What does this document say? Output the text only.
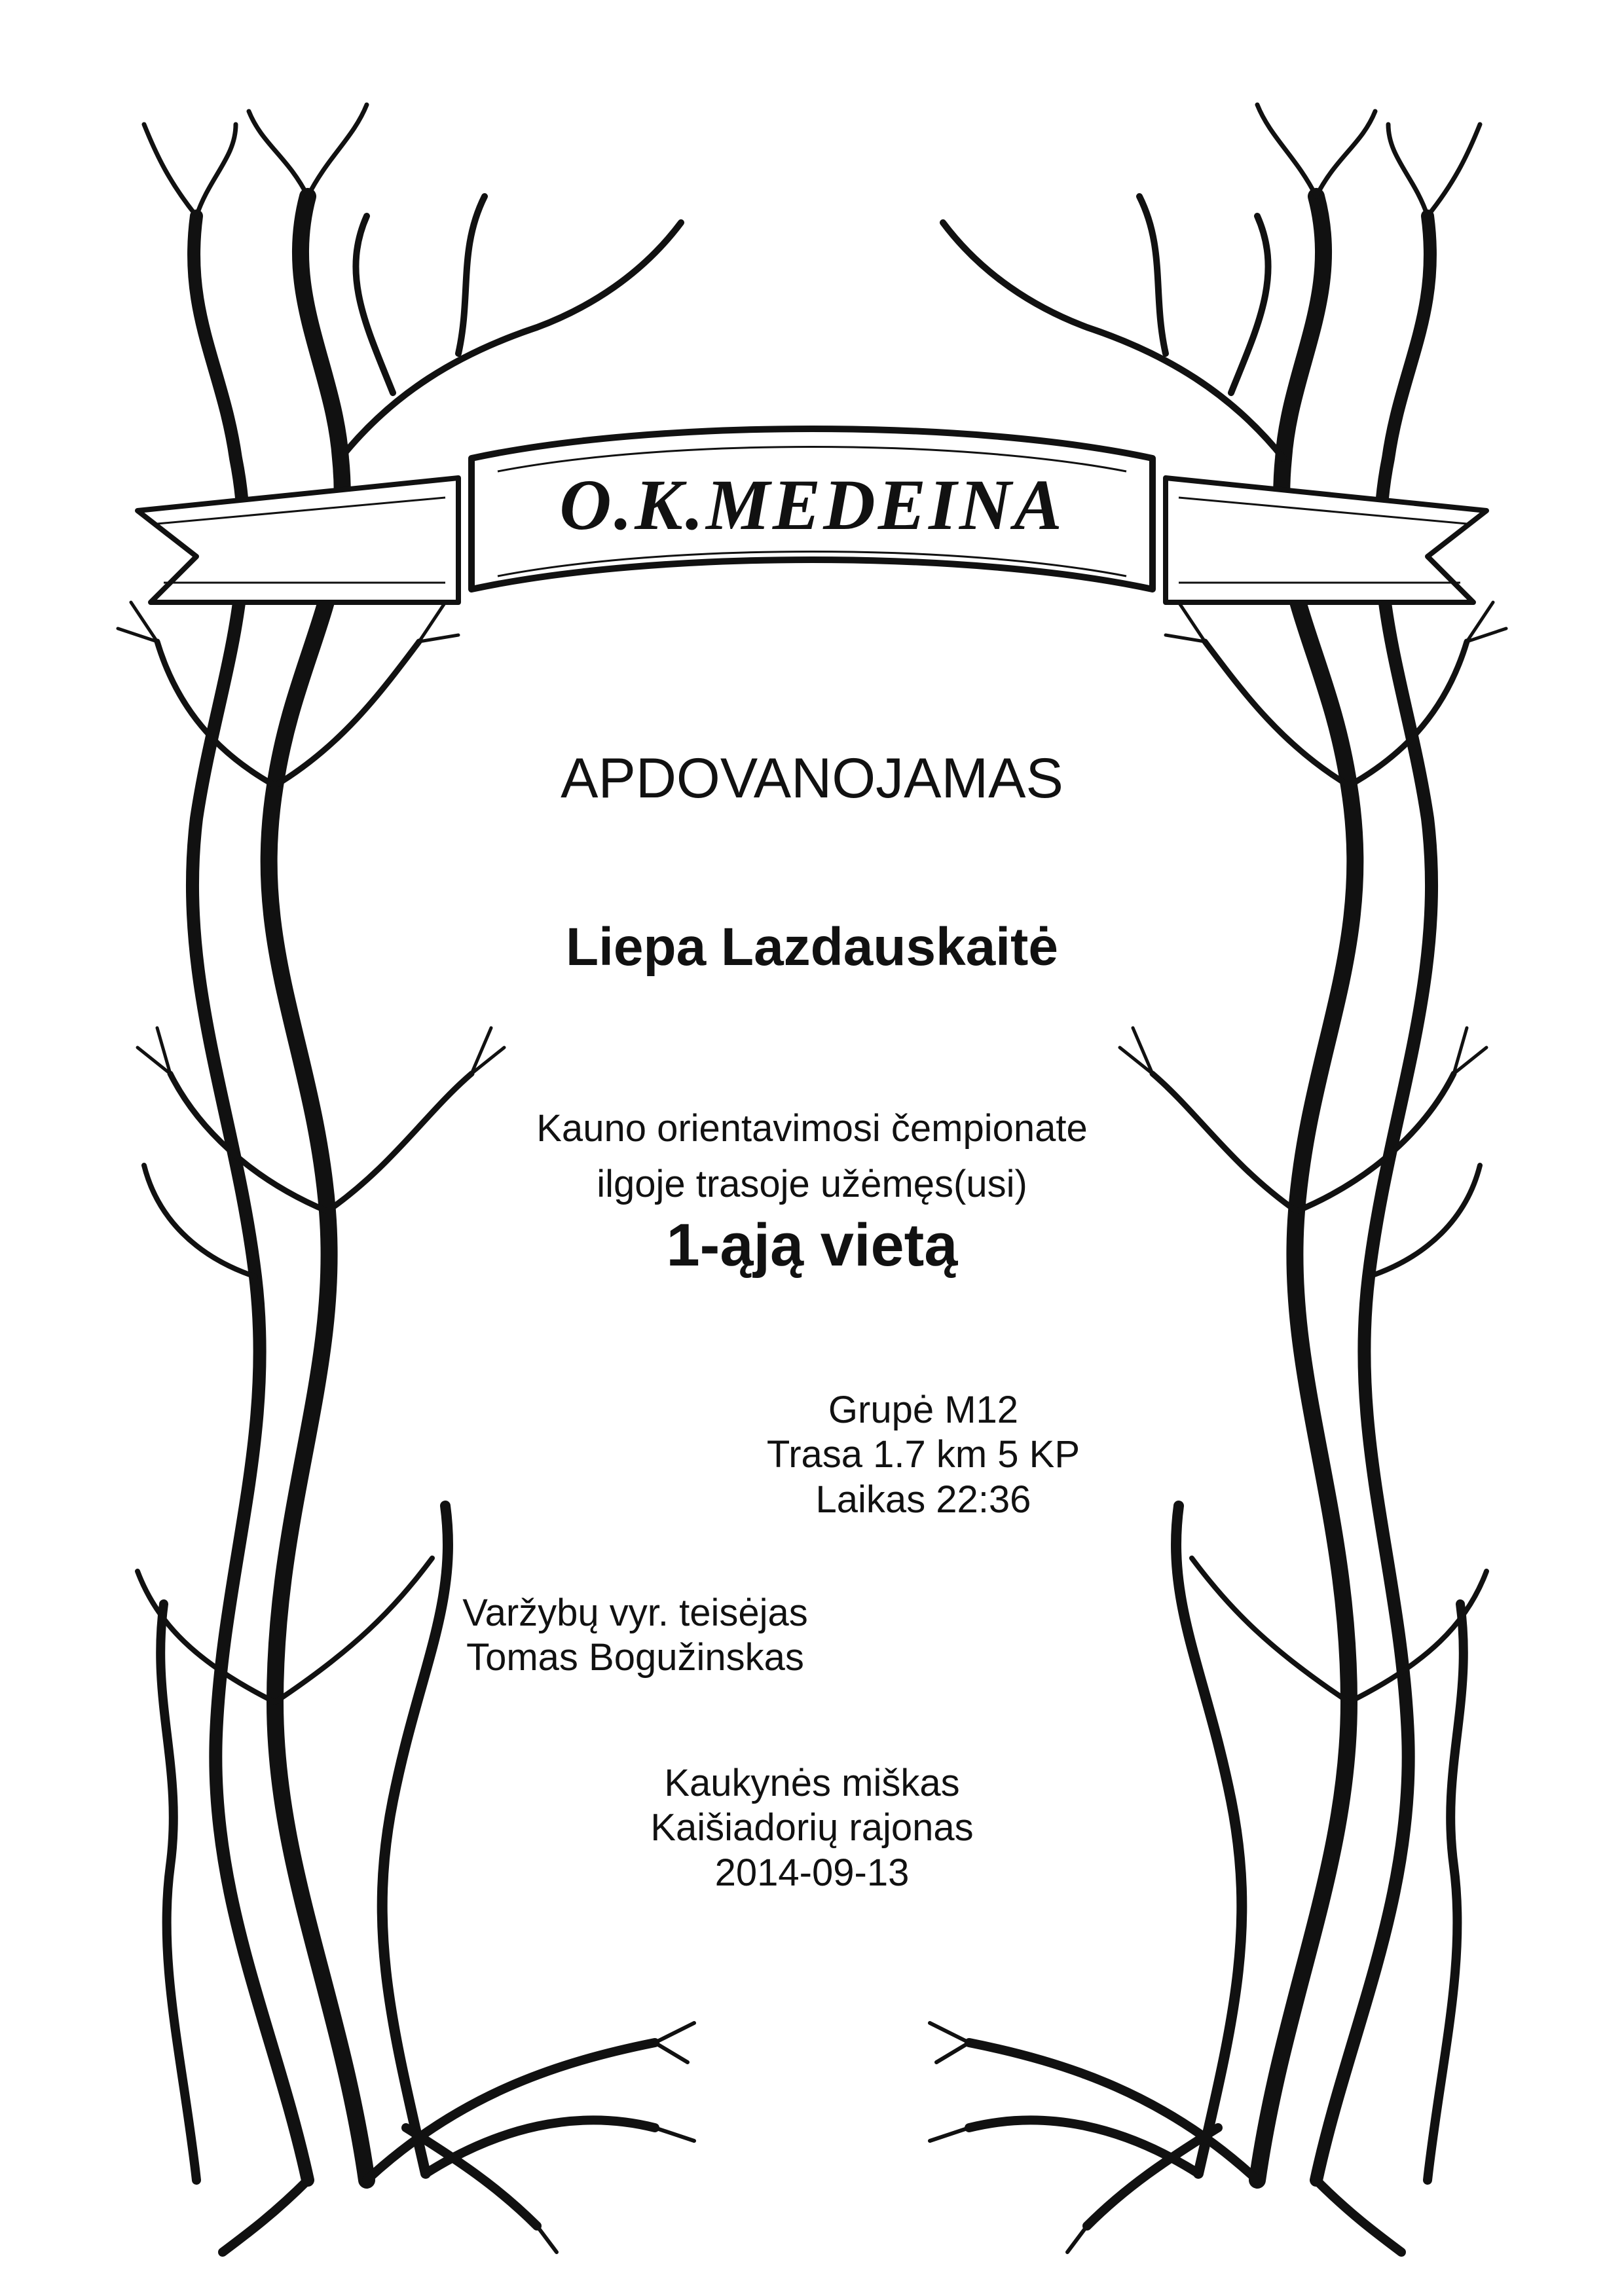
O.K.MEDEINA
APDOVANOJAMAS
Liepa Lazdauskaitė
Kauno orientavimosi čempionate
ilgoje trasoje užėmęs(usi)
1-ąją vietą
Grupė M12
Trasa 1.7 km 5 KP
Laikas 22:36
Varžybų vyr. teisėjas
Tomas Bogužinskas
Kaukynės miškas
Kaišiadorių rajonas
2014-09-13
